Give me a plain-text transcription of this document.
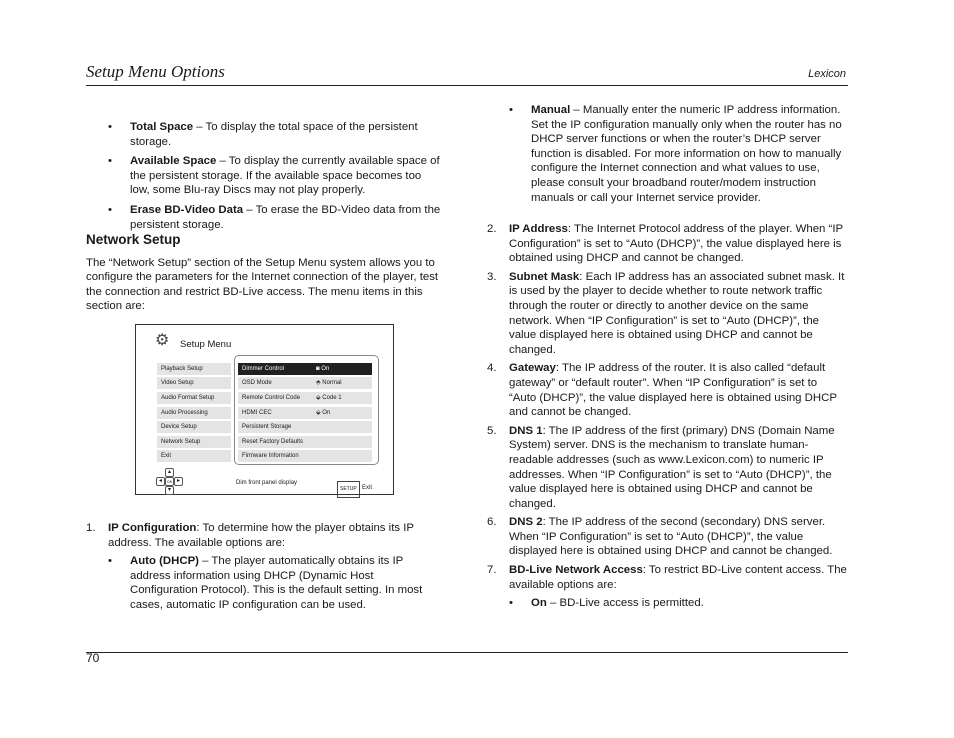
Setup Menu Options	Lexicon
• Total Space – To display the total space of the persistent storage.
• Available Space – To display the currently available space of the persistent storage. If the available space becomes too low, some Blu-ray Discs may not play properly.
• Erase BD-Video Data – To erase the BD-Video data from the persistent storage.
Network Setup

The “Network Setup” section of the Setup Menu system allows you to configure the parameters for the Internet connection of the player, test the connection and restrict BD-Live access. The menu items in this section are:

⚙ Setup Menu
Playback Setup
Video Setup
Audio Format Setup
Audio Processing
Device Setup
Network Setup
Exit
Dimmer Control	◙ On
OSD Mode	⬘ Normal
Remote Control Code	⬙ Code 1
HDMI CEC	⬙ On
Persistent Storage
Reset Factory Defaults
Firmware Information
▴
◂	OK ▸
▾
Dim front panel display
SETUP Exit
1. IP Configuration: To determine how the player obtains its IP address. The available options are:
• Auto (DHCP) – The player automatically obtains its IP address information using DHCP (Dynamic Host Configuration Protocol). This is the default setting. In most cases, automatic IP configuration can be used.
• Manual – Manually enter the numeric IP address information. Set the IP configuration manually only when the router has no DHCP server functions or when the router’s DHCP server function is disabled. For more information on how to manually configure the Internet connection and what values to use, please consult your broadband router/modem instruction manuals or call your Internet service provider.
2. IP Address: The Internet Protocol address of the player. When “IP Configuration” is set to “Auto (DHCP)”, the value displayed here is obtained using DHCP and cannot be changed.
3. Subnet Mask: Each IP address has an associated subnet mask. It is used by the player to decide whether to route network traffic through the router or directly to another device on the same network. When “IP Configuration” is set to “Auto (DHCP)”, the value displayed here is obtained using DHCP and cannot be changed.
4. Gateway: The IP address of the router. It is also called “default gateway” or “default router”. When “IP Configuration” is set to “Auto (DHCP)”, the value displayed here is obtained using DHCP and cannot be changed.
5. DNS 1: The IP address of the first (primary) DNS (Domain Name System) server. DNS is the mechanism to translate human-readable addresses (such as www.Lexicon.com) to numeric IP addresses. When “IP Configuration” is set to “Auto (DHCP)”, the value displayed here is obtained using DHCP and cannot be changed.
6. DNS 2: The IP address of the second (secondary) DNS server. When “IP Configuration” is set to “Auto (DHCP)”, the value displayed here is obtained using DHCP and cannot be changed.
7. BD-Live Network Access: To restrict BD-Live content access. The available options are:
• On – BD-Live access is permitted.
70
